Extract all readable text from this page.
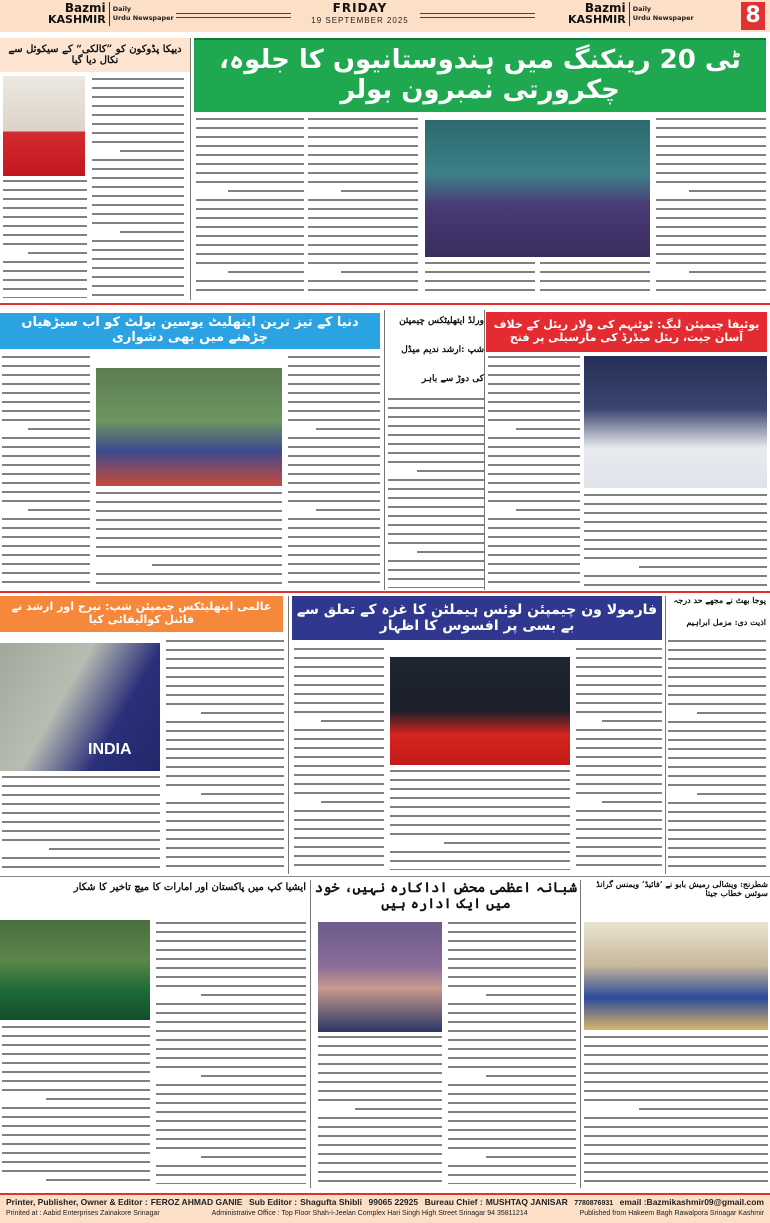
Bazmi
KASHMIR
Daily
Urdu Newspaper
FRIDAY
19 SEPTEMBER 2025
Bazmi
KASHMIR
Daily
Urdu Newspaper 8
دیپکا پڈوکون کو ”کالکی“ کے سیکوئل سے نکال دیا گیا	ٹی 20 رینکنگ میں ہندوستانیوں کا جلوہ، چکرورتی نمبرون بولر
دنیا کے تیز ترین ایتھلیٹ یوسین بولٹ کو اب سیڑھیاں چڑھنے میں بھی دشواری
ورلڈ ایتھلیٹکس چیمپئن
شپ :ارشد ندیم میڈل
کی دوڑ سے باہر
یوئیفا چیمپئن لیگ: ٹوٹنہم کی ولار ریئل کے خلاف آسان جیت، ریئل میڈرڈ کی مارسیلی پر فتح
عالمی ایتھلیٹکس چیمپئن شپ: نیرج اور ارشد نے فائنل کوالیفائی کیا
INDIA
فارمولا ون چیمپئن لوئس ہیملٹن کا غزہ کے تعلق سے بے بسی پر افسوس کا اظہار
پوجا بھٹ نے مجھے حد درجہ
اذیت دی: مزمل ابراہیم
ایشیا کپ میں پاکستان اور امارات کا میچ تاخیر کا شکار شبانہ اعظمی محض اداکارہ نہیں، خود میں ایک ادارہ ہیں
شطرنج: ویشالی رمیش بابو نے ’فائیڈ‘ ویمنس گرانڈ سوئس خطاب جیتا
Printer, Publisher, Owner & Editor : FEROZ AHMAD GANIE Sub Editor : Shagufta Shibli 99065 22925 Bureau Chief : MUSHTAQ JANISAR 7780876931 email :Bazmikashmir09@gmail.com
Prinited at : Aabid Enterprises Zainakore Srinagar	Administrative Office : Top Floor Shah-i-Jeelan Complex Hari Singh High Street Srinagar 94 35811214	Published from Hakeem Bagh Rawalpora Srinagar Kashmir
